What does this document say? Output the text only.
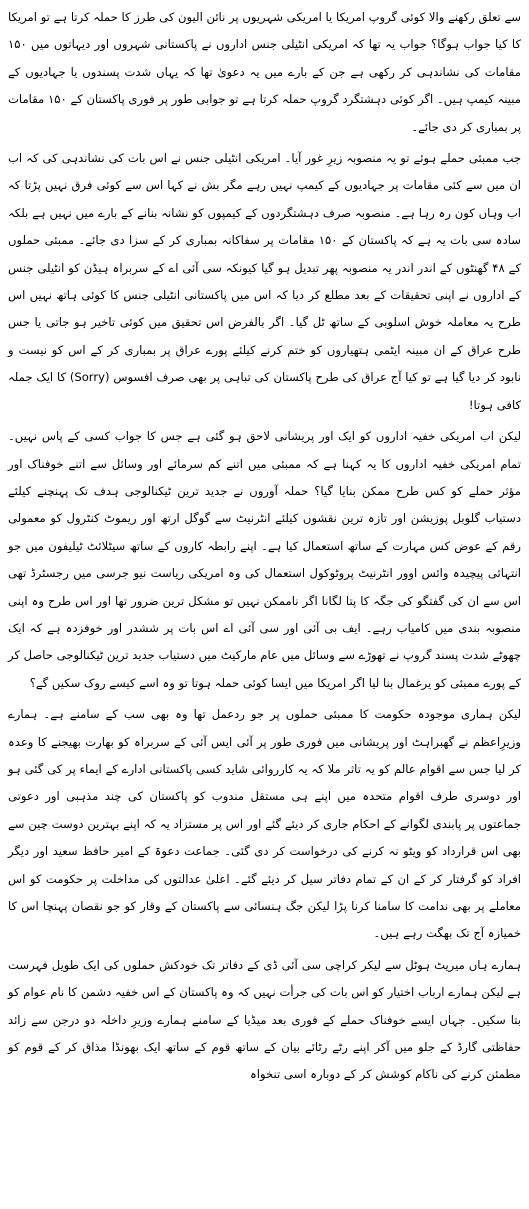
سے تعلق رکھنے والا کوئی گروپ امریکا یا امریکی شہریوں پر نائن الیون کی طرز کا حملہ کرتا ہے تو امریکا کا کیا جواب ہوگا؟ جواب یہ تھا کہ امریکی انٹیلی جنس اداروں نے پاکستانی شہروں اور دیہاتوں میں ۱۵۰ مقامات کی نشاندہی کر رکھی ہے جن کے بارے میں یہ دعویٰ تھا کہ یہاں شدت پسندوں یا جہادیوں کے مبینہ کیمپ ہیں۔ اگر کوئی دہشتگرد گروپ حملہ کرتا ہے تو جوابی طور پر فوری پاکستان کے ۱۵۰ مقامات پر بمباری کر دی جائے۔

جب ممبئی حملے ہوئے تو یہ منصوبہ زیرِ غور آیا۔ امریکی انٹیلی جنس نے اس بات کی نشاندہی کی کہ اب ان میں سے کئی مقامات پر جہادیوں کے کیمپ نہیں رہے مگر بش نے کہا اس سے کوئی فرق نہیں پڑتا کہ اب وہاں کون رہ رہا ہے۔ منصوبہ صرف دہشتگردوں کے کیمپوں کو نشانہ بنانے کے بارے میں نہیں ہے بلکہ سادہ سی بات یہ ہے کہ پاکستان کے ۱۵۰ مقامات پر سفاکانہ بمباری کر کے سزا دی جائے۔ ممبئی حملوں کے ۴۸ گھنٹوں کے اندر اندر یہ منصوبہ پھر تبدیل ہو گیا کیونکہ سی آئی اے کے سربراہ ہیڈن کو انٹیلی جنس کے اداروں نے اپنی تحقیقات کے بعد مطلع کر دیا کہ اس میں پاکستانی انٹیلی جنس کا کوئی ہاتھ نہیں اس طرح یہ معاملہ خوش اسلوبی کے ساتھ ٹل گیا۔ اگر بالفرض اس تحقیق میں کوئی تاخیر ہو جاتی یا جس طرح عراق کے ان مبینہ ایٹمی ہتھیاروں کو ختم کرنے کیلئے پورے عراق پر بمباری کر کے اس کو نیست و نابود کر دیا گیا ہے تو کیا آج عراق کی طرح پاکستان کی تباہی پر بھی صرف افسوس (Sorry) کا ایک جملہ کافی ہوتا!

لیکن اب امریکی خفیہ اداروں کو ایک اور پریشانی لاحق ہو گئی ہے جس کا جواب کسی کے پاس نہیں۔ تمام امریکی خفیہ اداروں کا یہ کہنا ہے کہ ممبئی میں اتنے کم سرمائے اور وسائل سے اتنے خوفناک اور مؤثر حملے کو کس طرح ممکن بنایا گیا؟ حملہ آوروں نے جدید ترین ٹیکنالوجی ہدف تک پہنچنے کیلئے دستیاب گلوبل پوزیشن اور تازہ ترین نقشوں کیلئے انٹرنیٹ سے گوگل ارتھ اور ریموٹ کنٹرول کو معمولی رقم کے عوض کس مہارت کے ساتھ استعمال کیا ہے۔ اپنے رابطہ کاروں کے ساتھ سیٹلائٹ ٹیلیفون میں جو انتہائی پیچیدہ وائس اوور انٹرنیٹ پروٹوکول استعمال کی وہ امریکی ریاست نیو جرسی میں رجسٹرڈ تھی اس سے ان کی گفتگو کی جگہ کا پتا لگانا اگر ناممکن نہیں تو مشکل ترین ضرور تھا اور اس طرح وہ اپنی منصوبہ بندی میں کامیاب رہے۔ ایف بی آئی اور سی آئی اے اس بات پر ششدر اور خوفزدہ ہے کہ ایک چھوٹے شدت پسند گروپ نے تھوڑے سے وسائل میں عام مارکیٹ میں دستیاب جدید ترین ٹیکنالوجی حاصل کر کے پورے ممبئی کو یرغمال بنا لیا اگر امریکا میں ایسا کوئی حملہ ہوتا تو وہ اسے کیسے روک سکیں گے؟

لیکن ہماری موجودہ حکومت کا ممبئی حملوں پر جو ردعمل تھا وہ بھی سب کے سامنے ہے۔ ہمارے وزیرِاعظم نے گھبراہٹ اور پریشانی میں فوری طور پر آئی ایس آئی کے سربراہ کو بھارت بھیجنے کا وعدہ کر لیا جس سے اقوام عالم کو یہ تاثر ملا کہ یہ کارروائی شاید کسی پاکستانی ادارے کے ایماء پر کی گئی ہو اور دوسری طرف اقوام متحدہ میں اپنے ہی مستقل مندوب کو پاکستان کی چند مذہبی اور دعوتی جماعتوں پر پابندی لگوانے کے احکام جاری کر دیئے گئے اور اس پر مستزاد یہ کہ اپنے بہترین دوست چین سے بھی اس قرارداد کو ویٹو نہ کرنے کی درخواست کر دی گئی۔ جماعت دعوۃ کے امیر حافظ سعید اور دیگر افراد کو گرفتار کر کے ان کے تمام دفاتر سیل کر دیئے گئے۔ اعلیٰ عدالتوں کی مداخلت پر حکومت کو اس معاملے پر بھی ندامت کا سامنا کرنا پڑا لیکن جگ ہنسائی سے پاکستان کے وقار کو جو نقصان پہنچا اس کا خمیازہ آج تک بھگت رہے ہیں۔

ہمارے ہاں میریٹ ہوٹل سے لیکر کراچی سی آئی ڈی کے دفاتر تک خودکش حملوں کی ایک طویل فہرست ہے لیکن ہمارے ارباب اختیار کو اس بات کی جرأت نہیں کہ وہ پاکستان کے اس خفیہ دشمن کا نام عوام کو بتا سکیں۔ جہاں ایسے خوفناک حملے کے فوری بعد میڈیا کے سامنے ہمارے وزیرِ داخلہ دو درجن سے زائد حفاظتی گارڈ کے جلو میں آکر اپنے رٹے رٹائے بیان کے ساتھ قوم کے ساتھ ایک بھونڈا مذاق کر کے قوم کو مطمئن کرنے کی ناکام کوشش کر کے دوبارہ اسی تنخواہ
